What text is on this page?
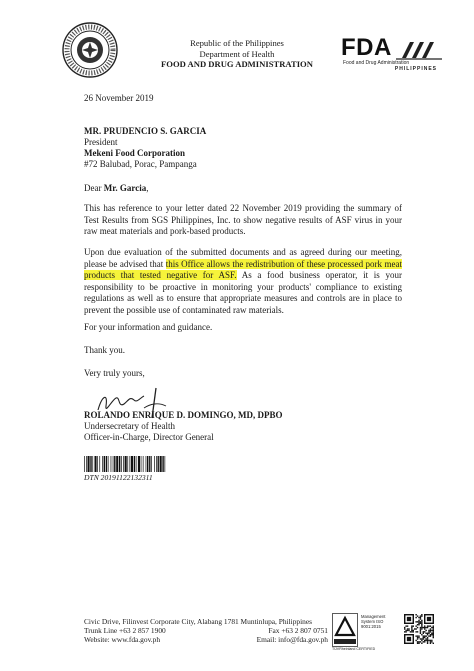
Republic of the Philippines
Department of Health
FOOD AND DRUG ADMINISTRATION
FDA
Food and Drug Administration
PHILIPPINES
26 November 2019
MR. PRUDENCIO S. GARCIA
President
Mekeni Food Corporation
#72 Balubad, Porac, Pampanga
Dear Mr. Garcia,
This has reference to your letter dated 22 November 2019 providing the summary of Test Results from SGS Philippines, Inc. to show negative results of ASF virus in your raw meat materials and pork-based products.
Upon due evaluation of the submitted documents and as agreed during our meeting, please be advised that this Office allows the redistribution of these processed pork meat products that tested negative for ASF. As a food business operator, it is your responsibility to be proactive in monitoring your products' compliance to existing regulations as well as to ensure that appropriate measures and controls are in place to prevent the possible use of contaminated raw materials.
For your information and guidance.
Thank you.
Very truly yours,
ROLANDO ENRIQUE D. DOMINGO, MD, DPBO
Undersecretary of Health
Officer-in-Charge, Director General
DTN 20191122132311
Civic Drive, Filinvest Corporate City, Alabang 1781 Muntinlupa, Philippines
Trunk Line +63 2 857 1900
Website: www.fda.gov.ph
Fax +63 2 807 0751
Email: info@fda.gov.ph
Management System ISO 9001:2015
TÜVRheinland CERTIFIED
